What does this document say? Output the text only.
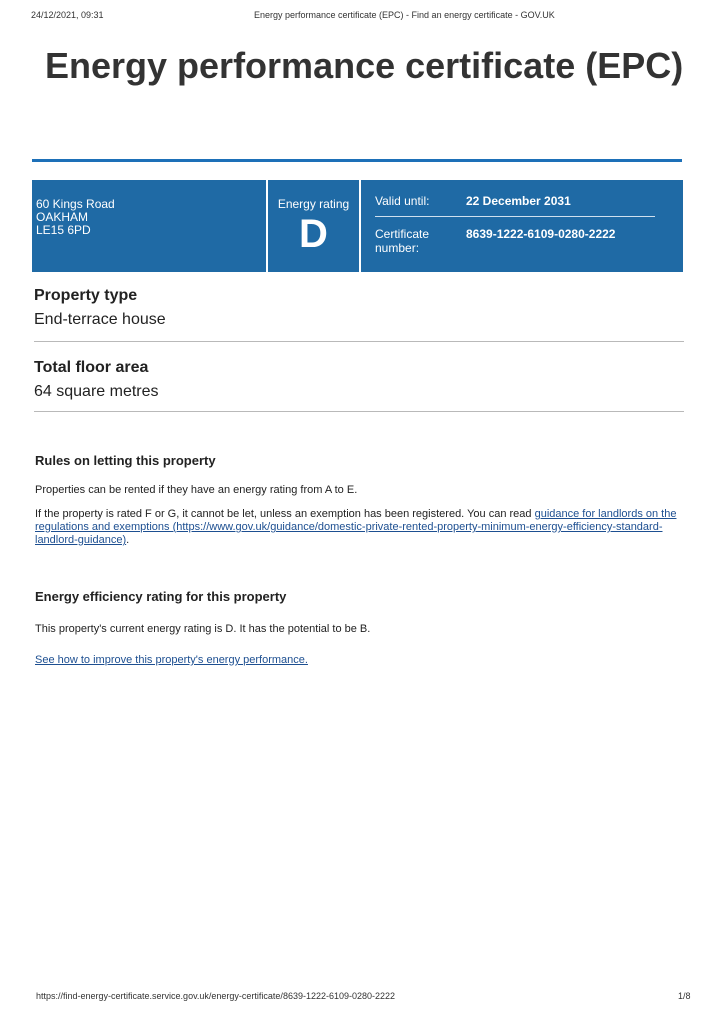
24/12/2021, 09:31	Energy performance certificate (EPC) - Find an energy certificate - GOV.UK
Energy performance certificate (EPC)
60 Kings Road
OAKHAM
LE15 6PD
Energy rating
D
Valid until:	22 December 2031
Certificate
number:
8639-1222-6109-0280-2222
Property type
End-terrace house
Total floor area
64 square metres
Rules on letting this property

Properties can be rented if they have an energy rating from A to E.

If the property is rated F or G, it cannot be let, unless an exemption has been registered. You can read guidance for landlords on the regulations and exemptions (https://www.gov.uk/guidance/domestic-private-rented-property-minimum-energy-efficiency-standard-landlord-guidance).

Energy efficiency rating for this property

This property's current energy rating is D. It has the potential to be B.

See how to improve this property's energy performance.

https://find-energy-certificate.service.gov.uk/energy-certificate/8639-1222-6109-0280-2222	1/8
